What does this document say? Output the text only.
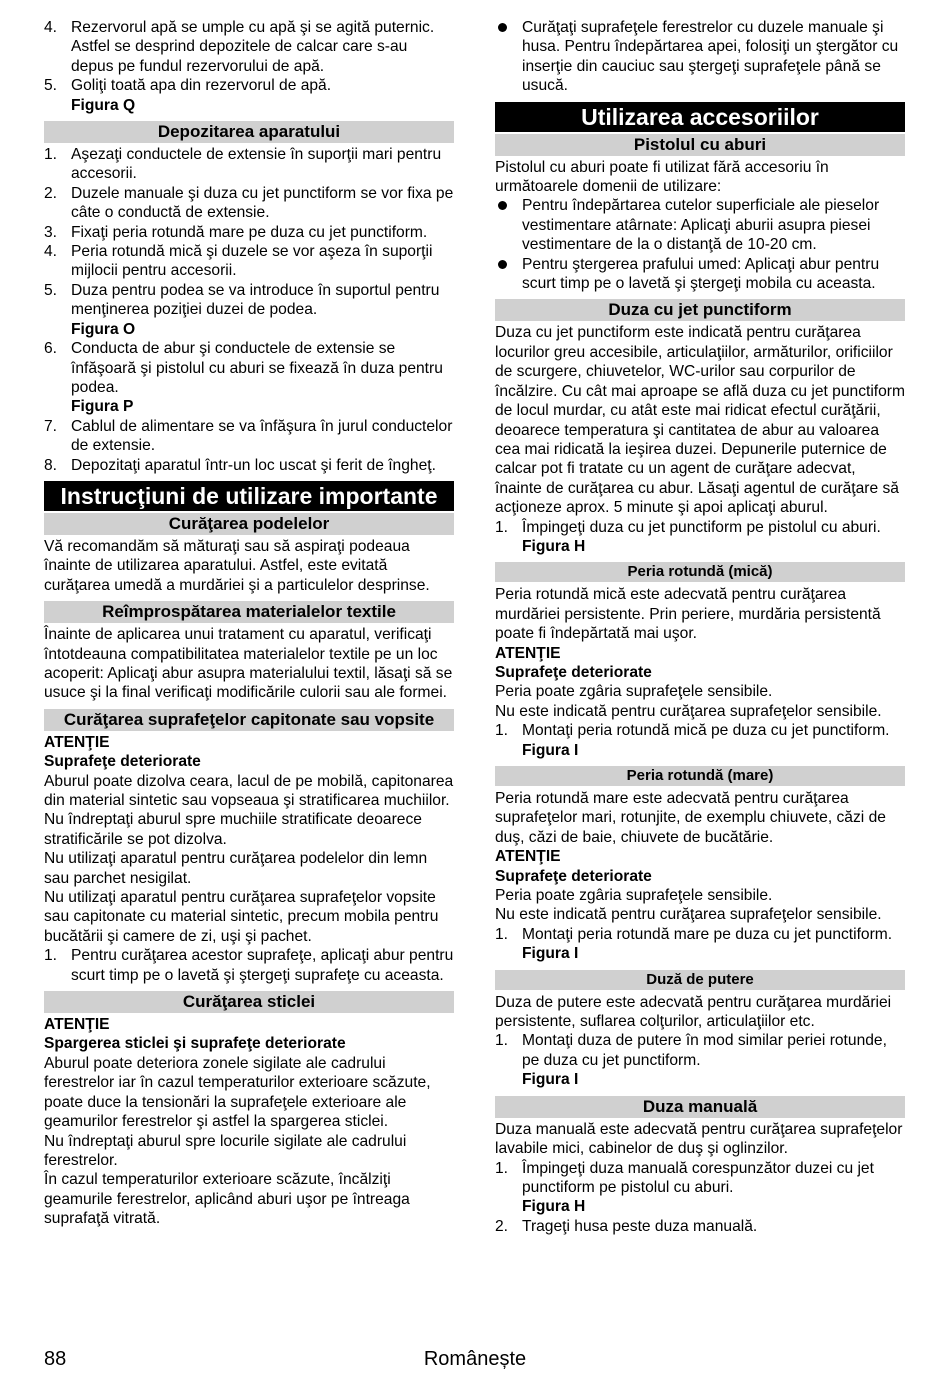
4. Rezervorul apă se umple cu apă şi se agită puternic. Astfel se desprind depozitele de calcar care s-au depus pe fundul rezervorului de apă.
5. Goliţi toată apa din rezervorul de apă.

Figura Q

Depozitarea aparatului
1. Aşezaţi conductele de extensie în suporţii mari pentru accesorii.
2. Duzele manuale şi duza cu jet punctiform se vor fixa pe câte o conductă de extensie.
3. Fixaţi peria rotundă mare pe duza cu jet punctiform.
4. Peria rotundă mică şi duzele se vor aşeza în suporţii mijlocii pentru accesorii.
5. Duza pentru podea se va introduce în suportul pentru menţinerea poziţiei duzei de podea.

Figura O

6. Conducta de abur şi conductele de extensie se înfăşoară şi pistolul cu aburi se fixează în duza pentru podea.

Figura P

7. Cablul de alimentare se va înfăşura în jurul conductelor de extensie.
8. Depozitaţi aparatul într-un loc uscat şi ferit de îngheţ.
Instrucţiuni de utilizare importante
Curăţarea podelelor

Vă recomandăm să măturaţi sau să aspiraţi podeaua înainte de utilizarea aparatului. Astfel, este evitată curăţarea umedă a murdăriei şi a particulelor desprinse.

Reîmprospătarea materialelor textile

Înainte de aplicarea unui tratament cu aparatul, verificaţi întotdeauna compatibilitatea materialelor textile pe un loc acoperit: Aplicaţi abur asupra materialului textil, lăsaţi să se usuce şi la final verificaţi modificările culorii sau ale formei.

Curăţarea suprafeţelor capitonate sau vopsite

ATENŢIE

Suprafeţe deteriorate

Aburul poate dizolva ceara, lacul de pe mobilă, capitonarea din material sintetic sau vopseaua şi stratificarea muchiilor.

Nu îndreptaţi aburul spre muchiile stratificate deoarece stratificările se pot dizolva.

Nu utilizaţi aparatul pentru curăţarea podelelor din lemn sau parchet nesigilat.

Nu utilizaţi aparatul pentru curăţarea suprafeţelor vopsite sau capitonate cu material sintetic, precum mobila pentru bucătării şi camere de zi, uşi şi pachet.

1. Pentru curăţarea acestor suprafeţe, aplicaţi abur pentru scurt timp pe o lavetă şi ştergeţi suprafeţe cu aceasta.
Curăţarea sticlei

ATENŢIE

Spargerea sticlei şi suprafeţe deteriorate

Aburul poate deteriora zonele sigilate ale cadrului ferestrelor iar în cazul temperaturilor exterioare scăzute, poate duce la tensionări la suprafeţele exterioare ale geamurilor ferestrelor şi astfel la spargerea sticlei.

Nu îndreptaţi aburul spre locurile sigilate ale cadrului ferestrelor.

În cazul temperaturilor exterioare scăzute, încălziţi geamurile ferestrelor, aplicând aburi uşor pe întreaga suprafaţă vitrată.

Curăţaţi suprafeţele ferestrelor cu duzele manuale şi husa. Pentru îndepărtarea apei, folosiţi un ştergător cu inserţie din cauciuc sau ştergeţi suprafeţele până se usucă.
Utilizarea accesoriilor
Pistolul cu aburi

Pistolul cu aburi poate fi utilizat fără accesoriu în următoarele domenii de utilizare:

Pentru îndepărtarea cutelor superficiale ale pieselor vestimentare atârnate: Aplicaţi aburii asupra piesei vestimentare de la o distanţă de 10-20 cm.
Pentru ştergerea prafului umed: Aplicaţi abur pentru scurt timp pe o lavetă şi ştergeţi mobila cu aceasta.
Duza cu jet punctiform

Duza cu jet punctiform este indicată pentru curăţarea locurilor greu accesibile, articulaţiilor, armăturilor, orificiilor de scurgere, chiuvetelor, WC-urilor sau corpurilor de încălzire. Cu cât mai aproape se află duza cu jet punctiform de locul murdar, cu atât este mai ridicat efectul curăţării, deoarece temperatura şi cantitatea de abur au valoarea cea mai ridicată la ieşirea duzei. Depunerile puternice de calcar pot fi tratate cu un agent de curăţare adecvat, înainte de curăţarea cu abur. Lăsaţi agentul de curăţare să acţioneze aprox. 5 minute şi apoi aplicaţi aburul.

1. Împingeţi duza cu jet punctiform pe pistolul cu aburi.

Figura H

Peria rotundă (mică)

Peria rotundă mică este adecvată pentru curăţarea murdăriei persistente. Prin periere, murdăria persistentă poate fi îndepărtată mai uşor.

ATENŢIE

Suprafeţe deteriorate

Peria poate zgâria suprafeţele sensibile.

Nu este indicată pentru curăţarea suprafeţelor sensibile.

1. Montaţi peria rotundă mică pe duza cu jet punctiform.

Figura I

Peria rotundă (mare)

Peria rotundă mare este adecvată pentru curăţarea suprafeţelor mari, rotunjite, de exemplu chiuvete, căzi de duş, căzi de baie, chiuvete de bucătărie.

ATENŢIE

Suprafeţe deteriorate

Peria poate zgâria suprafeţele sensibile.

Nu este indicată pentru curăţarea suprafeţelor sensibile.

1. Montaţi peria rotundă mare pe duza cu jet punctiform.

Figura I

Duză de putere

Duza de putere este adecvată pentru curăţarea murdăriei persistente, suflarea colţurilor, articulaţiilor etc.

1. Montaţi duza de putere în mod similar periei rotunde, pe duza cu jet punctiform.

Figura I

Duza manuală

Duza manuală este adecvată pentru curăţarea suprafeţelor lavabile mici, cabinelor de duş şi oglinzilor.

1. Împingeţi duza manuală corespunzător duzei cu jet punctiform pe pistolul cu aburi.

Figura H

2. Trageţi husa peste duza manuală.
Românește
88
